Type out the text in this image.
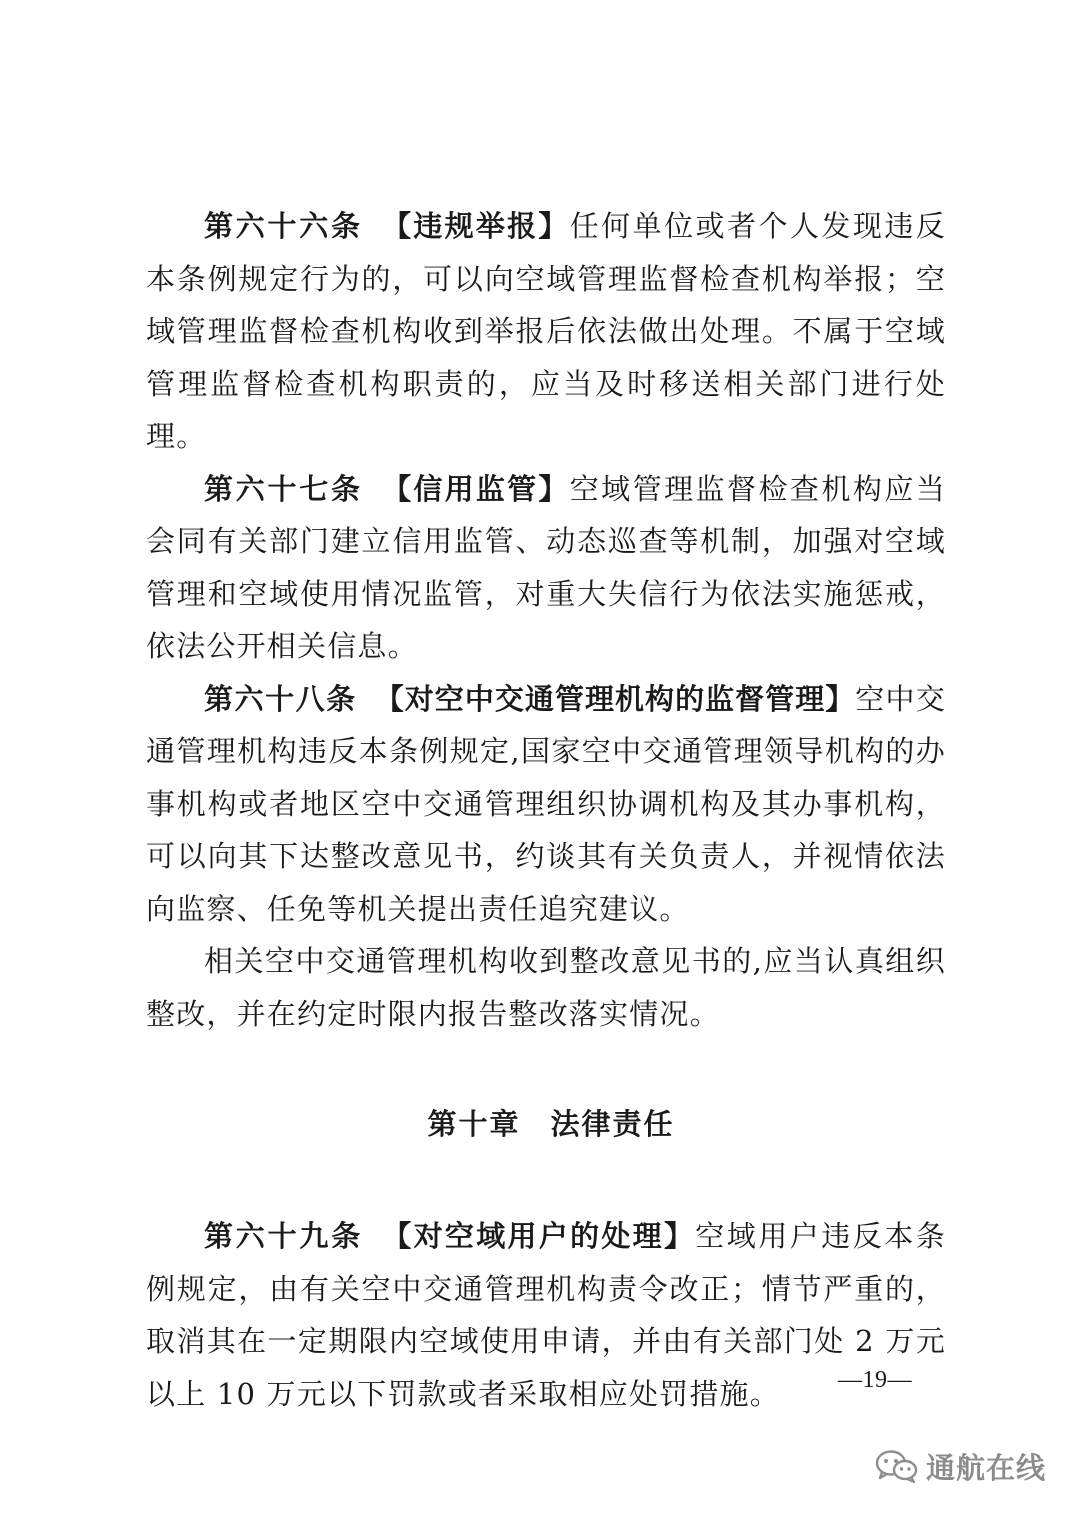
第六十六条 【违规举报】任何单位或者个人发现违反本条例规定行为的，可以向空域管理监督检查机构举报；空域管理监督检查机构收到举报后依法做出处理。不属于空域管理监督检查机构职责的，应当及时移送相关部门进行处理。

第六十七条 【信用监管】空域管理监督检查机构应当会同有关部门建立信用监管、动态巡查等机制，加强对空域管理和空域使用情况监管，对重大失信行为依法实施惩戒，依法公开相关信息。

第六十八条 【对空中交通管理机构的监督管理】空中交通管理机构违反本条例规定,国家空中交通管理领导机构的办事机构或者地区空中交通管理组织协调机构及其办事机构，可以向其下达整改意见书，约谈其有关负责人，并视情依法向监察、任免等机关提出责任追究建议。

相关空中交通管理机构收到整改意见书的,应当认真组织整改，并在约定时限内报告整改落实情况。

第十章 法律责任

第六十九条 【对空域用户的处理】空域用户违反本条例规定，由有关空中交通管理机构责令改正；情节严重的，取消其在一定期限内空域使用申请，并由有关部门处 2 万元以上 10 万元以下罚款或者采取相应处罚措施。	—19—
通航在线
